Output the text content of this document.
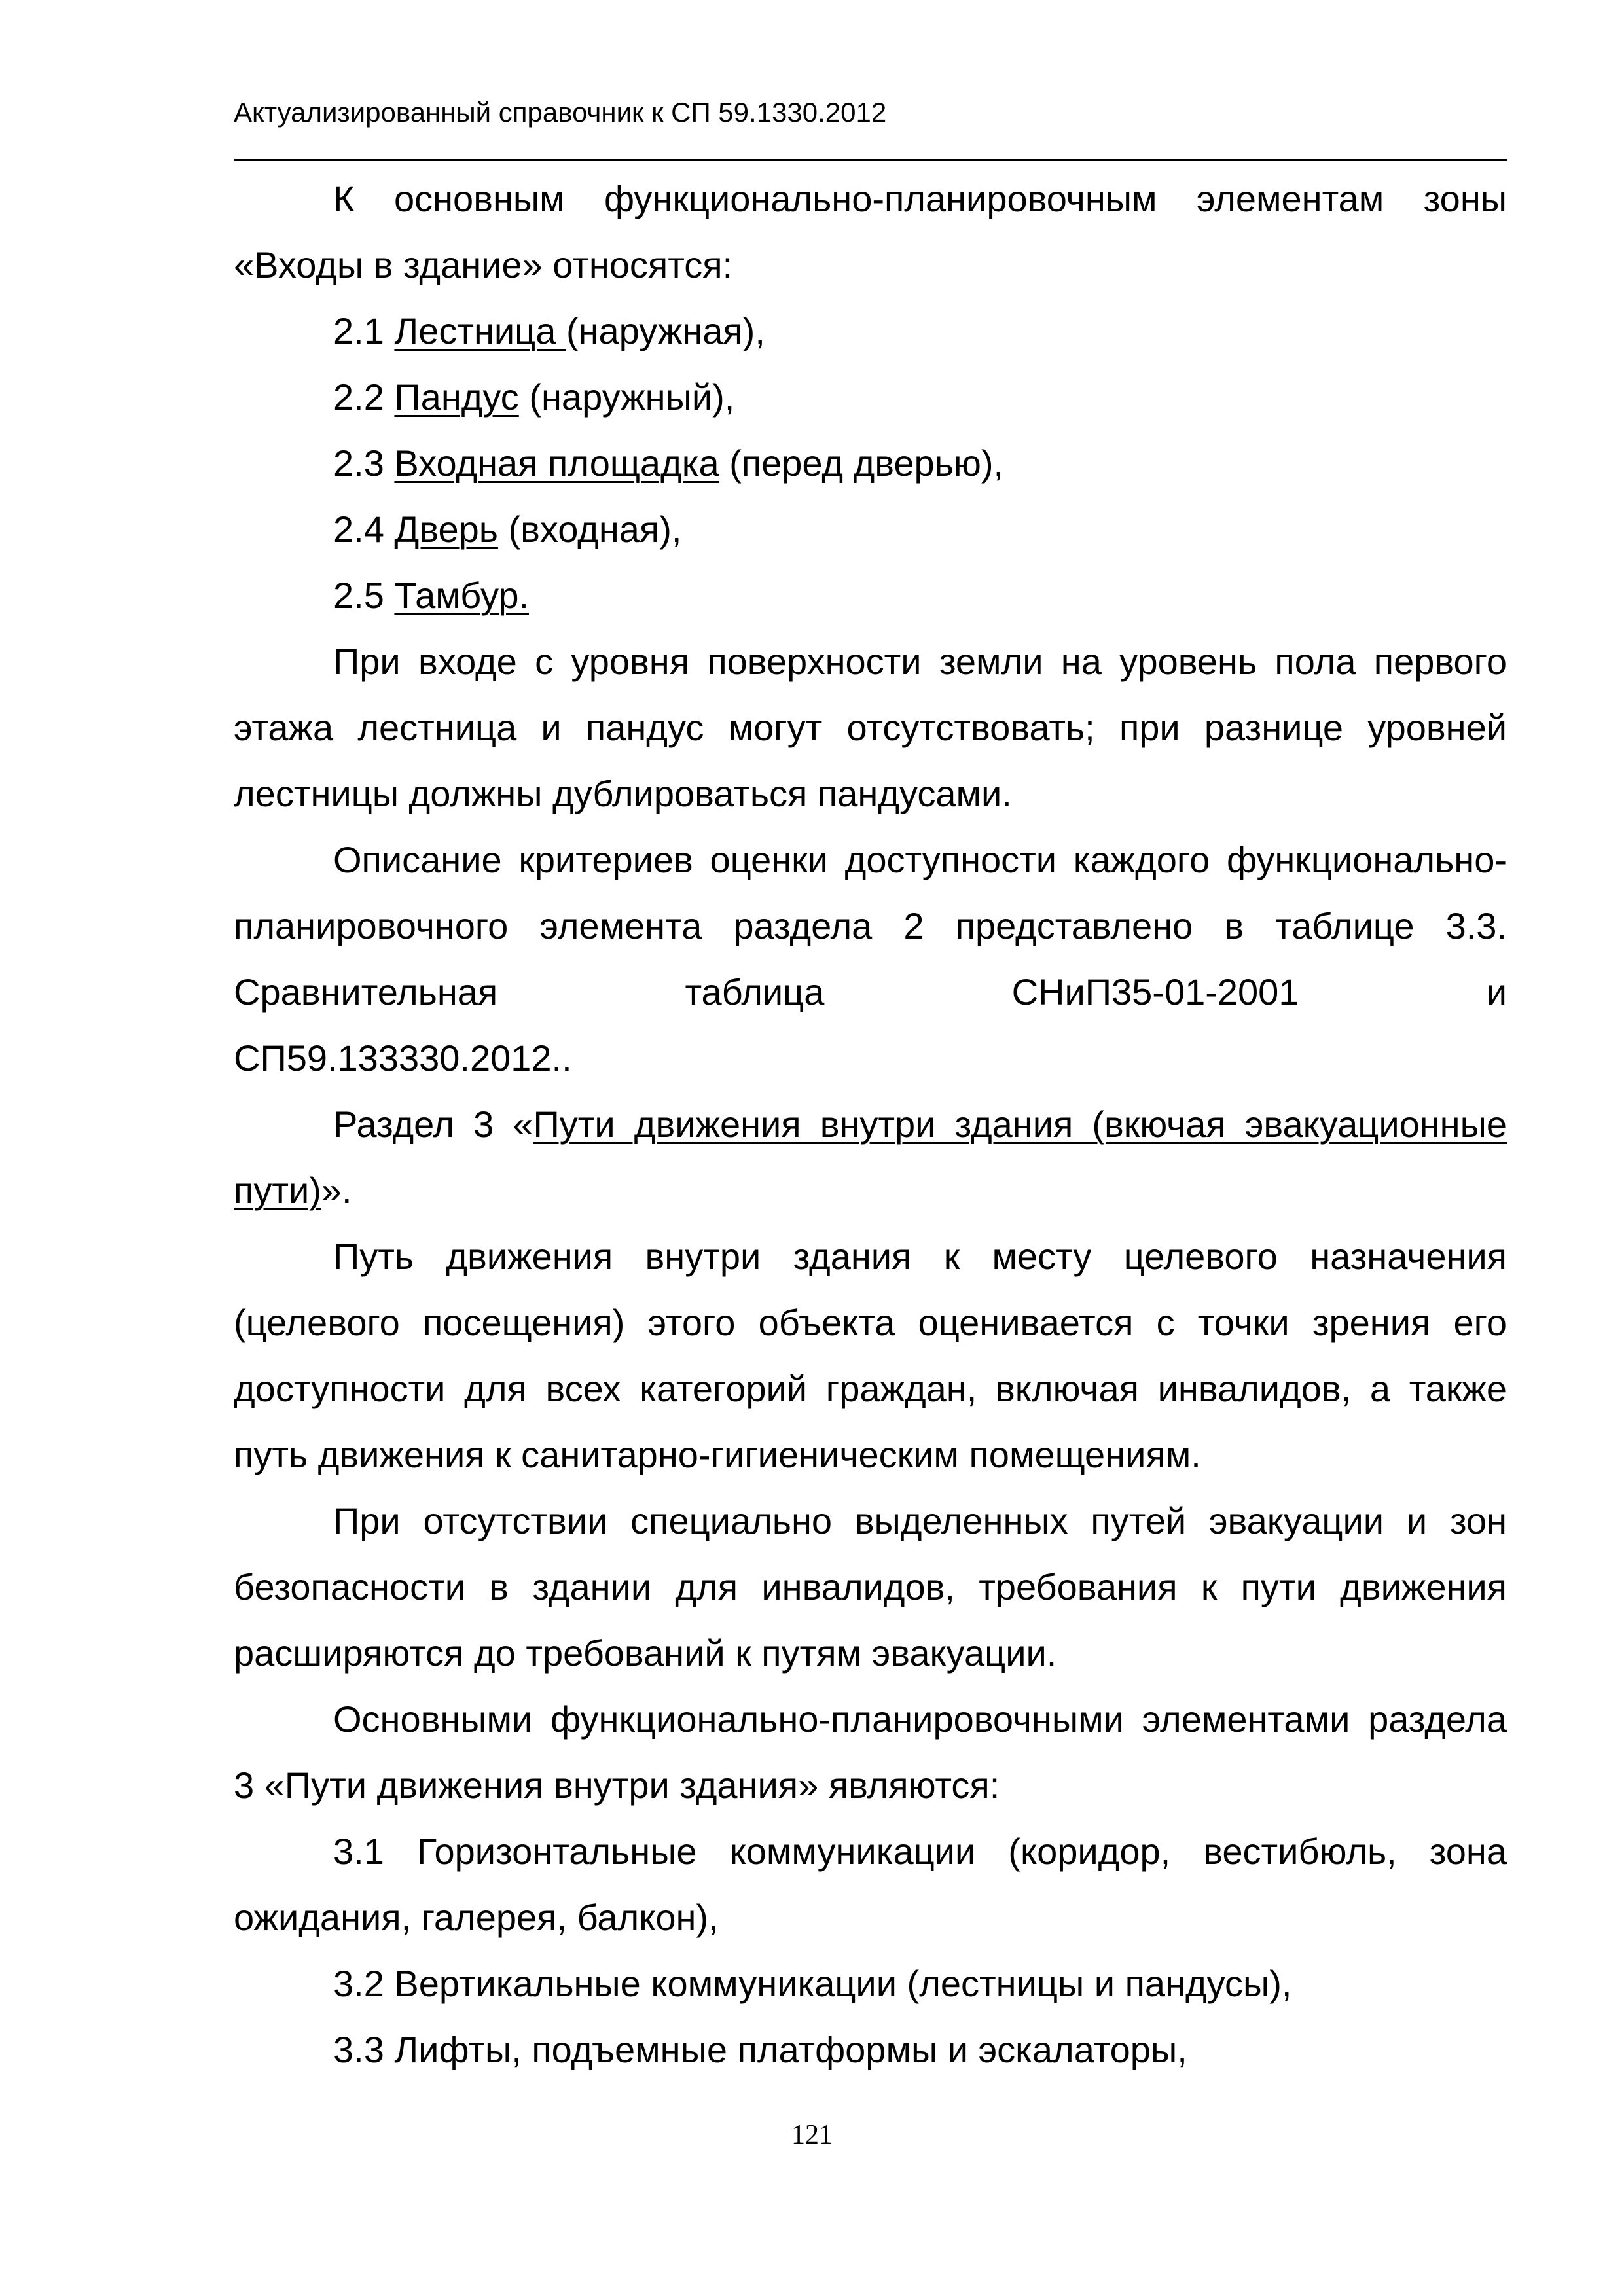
Актуализированный справочник к СП 59.1330.2012

К основным функционально-планировочным элементам зоны «Входы в здание» относятся:

2.1 Лестница (наружная),
2.2 Пандус (наружный),
2.3 Входная площадка (перед дверью),
2.4 Дверь (входная),
2.5 Тамбур.

При входе с уровня поверхности земли на уровень пола первого этажа лестница и пандус могут отсутствовать; при разнице уровней лестницы должны дублироваться пандусами.

Описание критериев оценки доступности каждого функционально-планировочного элемента раздела 2 представлено в таблице 3.3. Сравнительная таблица СНиП35-01-2001 и

СП59.133330.2012..

Раздел 3 «Пути движения внутри здания (вкючая эвакуационные пути)».

Путь движения внутри здания к месту целевого назначения (целевого посещения) этого объекта оценивается с точки зрения его доступности для всех категорий граждан, включая инвалидов, а также путь движения к санитарно-гигиеническим помещениям.

При отсутствии специально выделенных путей эвакуации и зон безопасности в здании для инвалидов, требования к пути движения расширяются до требований к путям эвакуации.

Основными функционально-планировочными элементами раздела 3 «Пути движения внутри здания» являются:

3.1 Горизонтальные коммуникации (коридор, вестибюль, зона ожидания, галерея, балкон),

3.2 Вертикальные коммуникации (лестницы и пандусы),
3.3 Лифты, подъемные платформы и эскалаторы,
121
